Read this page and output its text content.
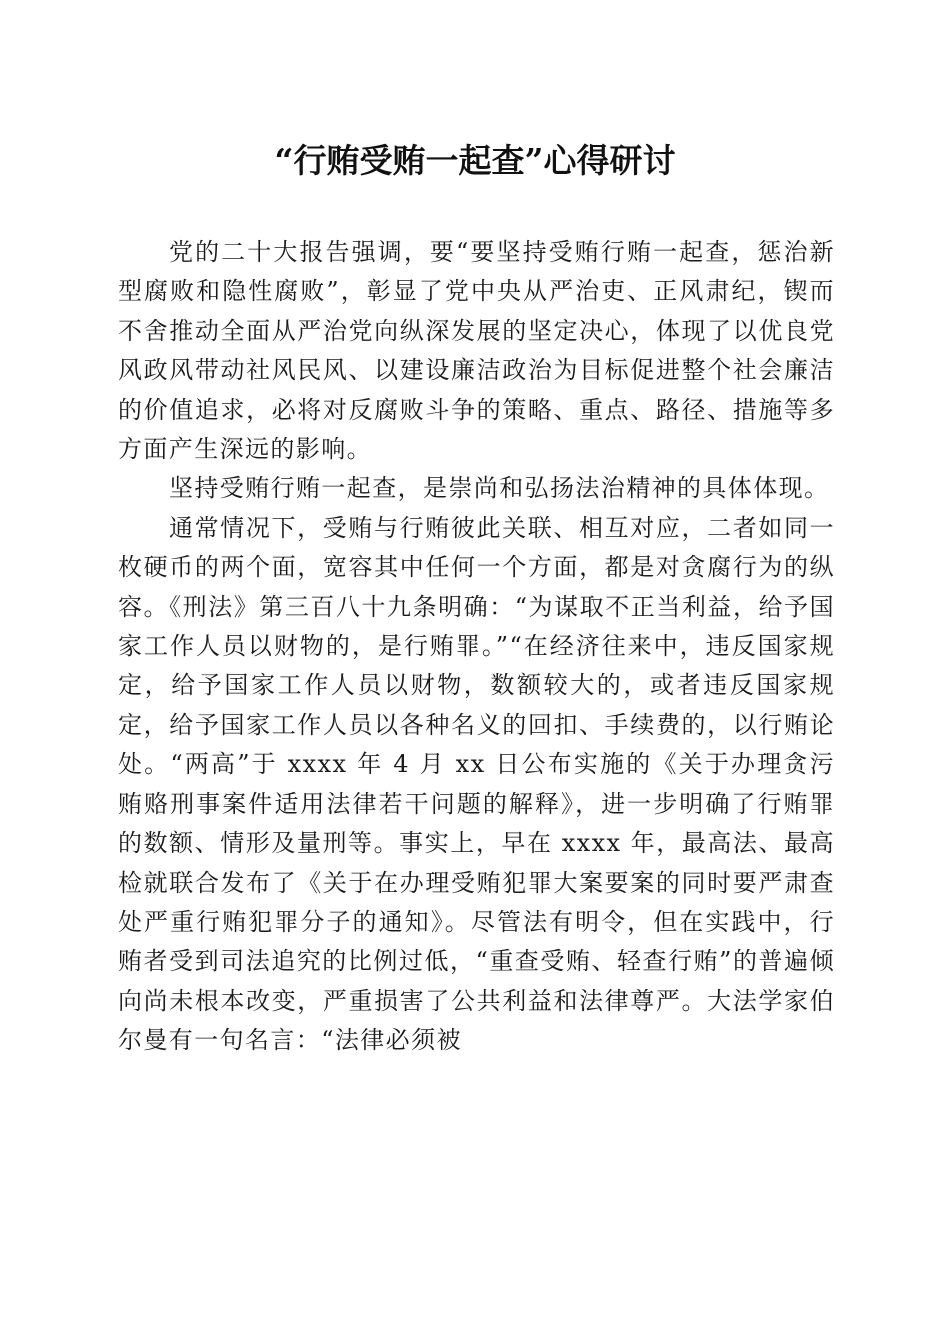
“行贿受贿一起查”心得研讨

党的二十大报告强调，要“要坚持受贿行贿一起查，惩治新型腐败和隐性腐败”，彰显了党中央从严治吏、正风肃纪，锲而不舍推动全面从严治党向纵深发展的坚定决心，体现了以优良党风政风带动社风民风、以建设廉洁政治为目标促进整个社会廉洁的价值追求，必将对反腐败斗争的策略、重点、路径、措施等多方面产生深远的影响。

坚持受贿行贿一起查，是崇尚和弘扬法治精神的具体体现。

通常情况下，受贿与行贿彼此关联、相互对应，二者如同一枚硬币的两个面，宽容其中任何一个方面，都是对贪腐行为的纵容。《刑法》第三百八十九条明确：“为谋取不正当利益，给予国家工作人员以财物的，是行贿罪。”“在经济往来中，违反国家规定，给予国家工作人员以财物，数额较大的，或者违反国家规定，给予国家工作人员以各种名义的回扣、手续费的，以行贿论处。“两高”于 xxxx 年 4 月 xx 日公布实施的《关于办理贪污贿赂刑事案件适用法律若干问题的解释》，进一步明确了行贿罪的数额、情形及量刑等。事实上，早在 xxxx 年，最高法、最高检就联合发布了《关于在办理受贿犯罪大案要案的同时要严肃查处严重行贿犯罪分子的通知》。尽管法有明令，但在实践中，行贿者受到司法追究的比例过低，“重查受贿、轻查行贿”的普遍倾向尚未根本改变，严重损害了公共利益和法律尊严。大法学家伯尔曼有一句名言：“法律必须被
